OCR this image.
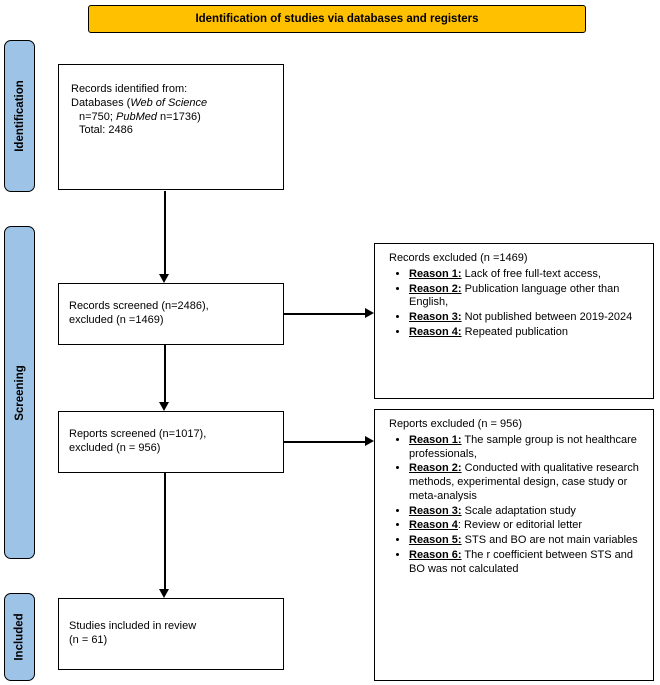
Identification of studies via databases and registers
Identification
Screening
Included
Records identified from:
Databases (Web of Science
n=750; PubMed n=1736)
Total: 2486
Records screened (n=2486),
excluded (n =1469)
Reports screened (n=1017),
excluded (n = 956)
Studies included in review
(n = 61)
Records excluded (n =1469)
• Reason 1: Lack of free full-text access,
• Reason 2: Publication language other than English,
• Reason 3: Not published between 2019-2024
• Reason 4: Repeated publication
Reports excluded (n = 956)
• Reason 1: The sample group is not healthcare professionals,
• Reason 2: Conducted with qualitative research methods, experimental design, case study or meta-analysis
• Reason 3: Scale adaptation study
• Reason 4: Review or editorial letter
• Reason 5: STS and BO are not main variables
• Reason 6: The r coefficient between STS and BO was not calculated
